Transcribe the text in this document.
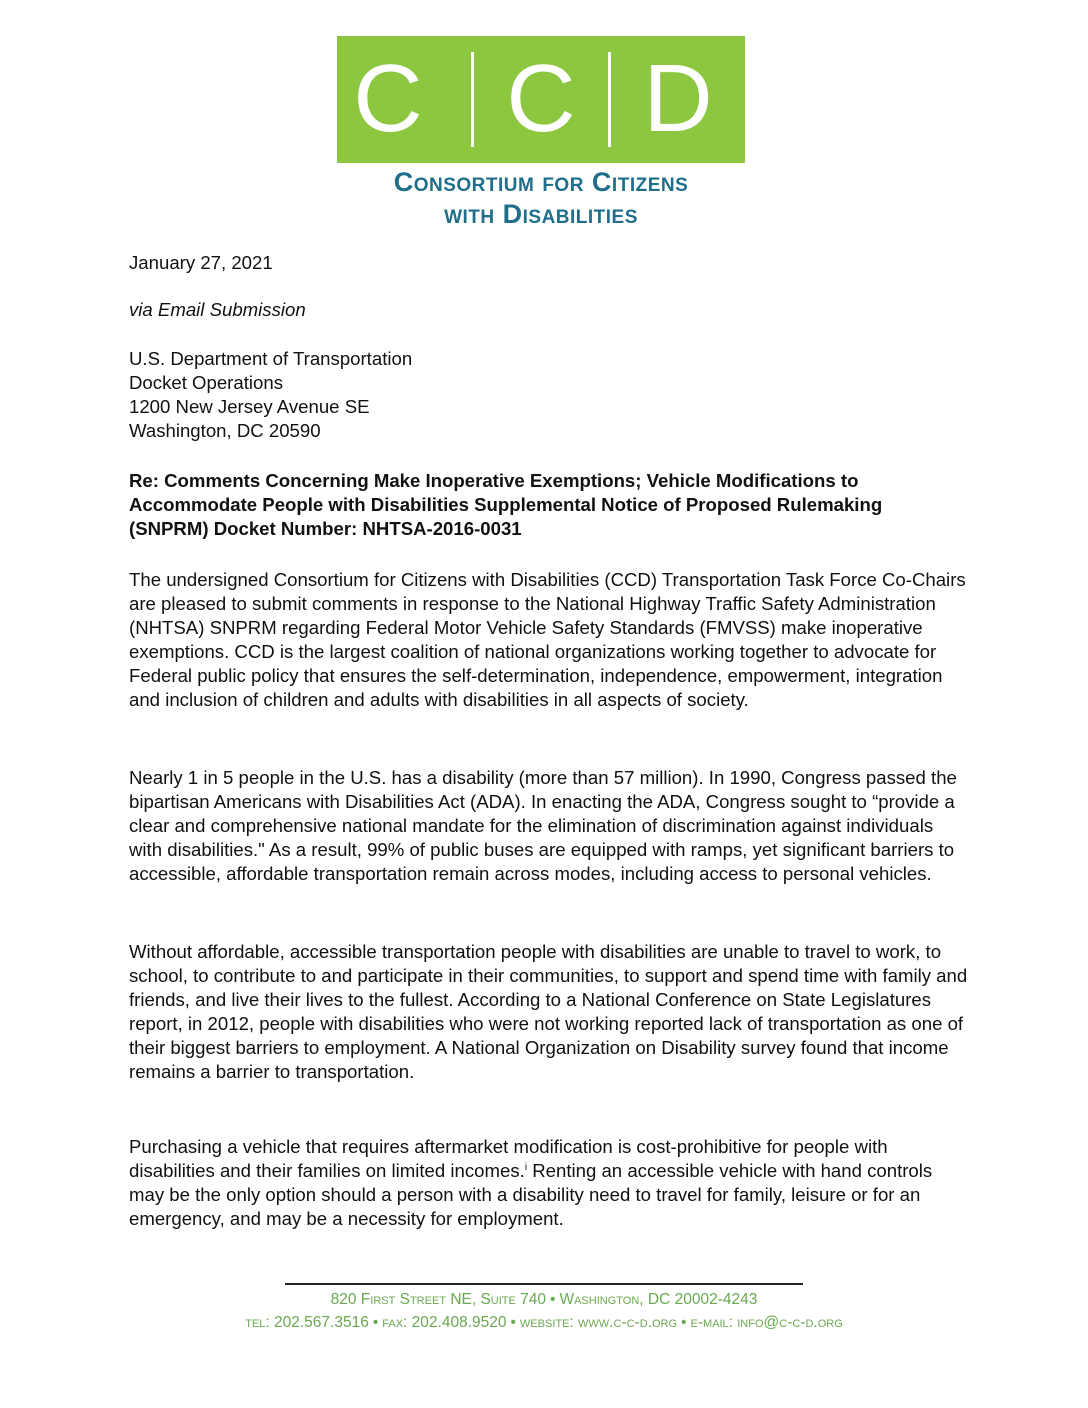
C C D
Consortium for Citizens
with Disabilities

January 27, 2021

via Email Submission

U.S. Department of Transportation
Docket Operations
1200 New Jersey Avenue SE
Washington, DC 20590

Re: Comments Concerning Make Inoperative Exemptions; Vehicle Modifications to Accommodate People with Disabilities Supplemental Notice of Proposed Rulemaking (SNPRM) Docket Number: NHTSA-2016-0031

The undersigned Consortium for Citizens with Disabilities (CCD) Transportation Task Force Co-Chairs are pleased to submit comments in response to the National Highway Traffic Safety Administration (NHTSA) SNPRM regarding Federal Motor Vehicle Safety Standards (FMVSS) make inoperative exemptions. CCD is the largest coalition of national organizations working together to advocate for Federal public policy that ensures the self-determination, independence, empowerment, integration and inclusion of children and adults with disabilities in all aspects of society.

Nearly 1 in 5 people in the U.S. has a disability (more than 57 million). In 1990, Congress passed the bipartisan Americans with Disabilities Act (ADA). In enacting the ADA, Congress sought to “provide a clear and comprehensive national mandate for the elimination of discrimination against individuals with disabilities." As a result, 99% of public buses are equipped with ramps, yet significant barriers to accessible, affordable transportation remain across modes, including access to personal vehicles.

Without affordable, accessible transportation people with disabilities are unable to travel to work, to school, to contribute to and participate in their communities, to support and spend time with family and friends, and live their lives to the fullest. According to a National Conference on State Legislatures report, in 2012, people with disabilities who were not working reported lack of transportation as one of their biggest barriers to employment. A National Organization on Disability survey found that income remains a barrier to transportation.

Purchasing a vehicle that requires aftermarket modification is cost-prohibitive for people with disabilities and their families on limited incomes.$^i$ Renting an accessible vehicle with hand controls may be the only option should a person with a disability need to travel for family, leisure or for an emergency, and may be a necessity for employment.

820 First Street NE, Suite 740 • Washington, DC 20002-4243
tel: 202.567.3516 • fax: 202.408.9520 • website: www.c-c-d.org • e-mail: info@c-c-d.org
